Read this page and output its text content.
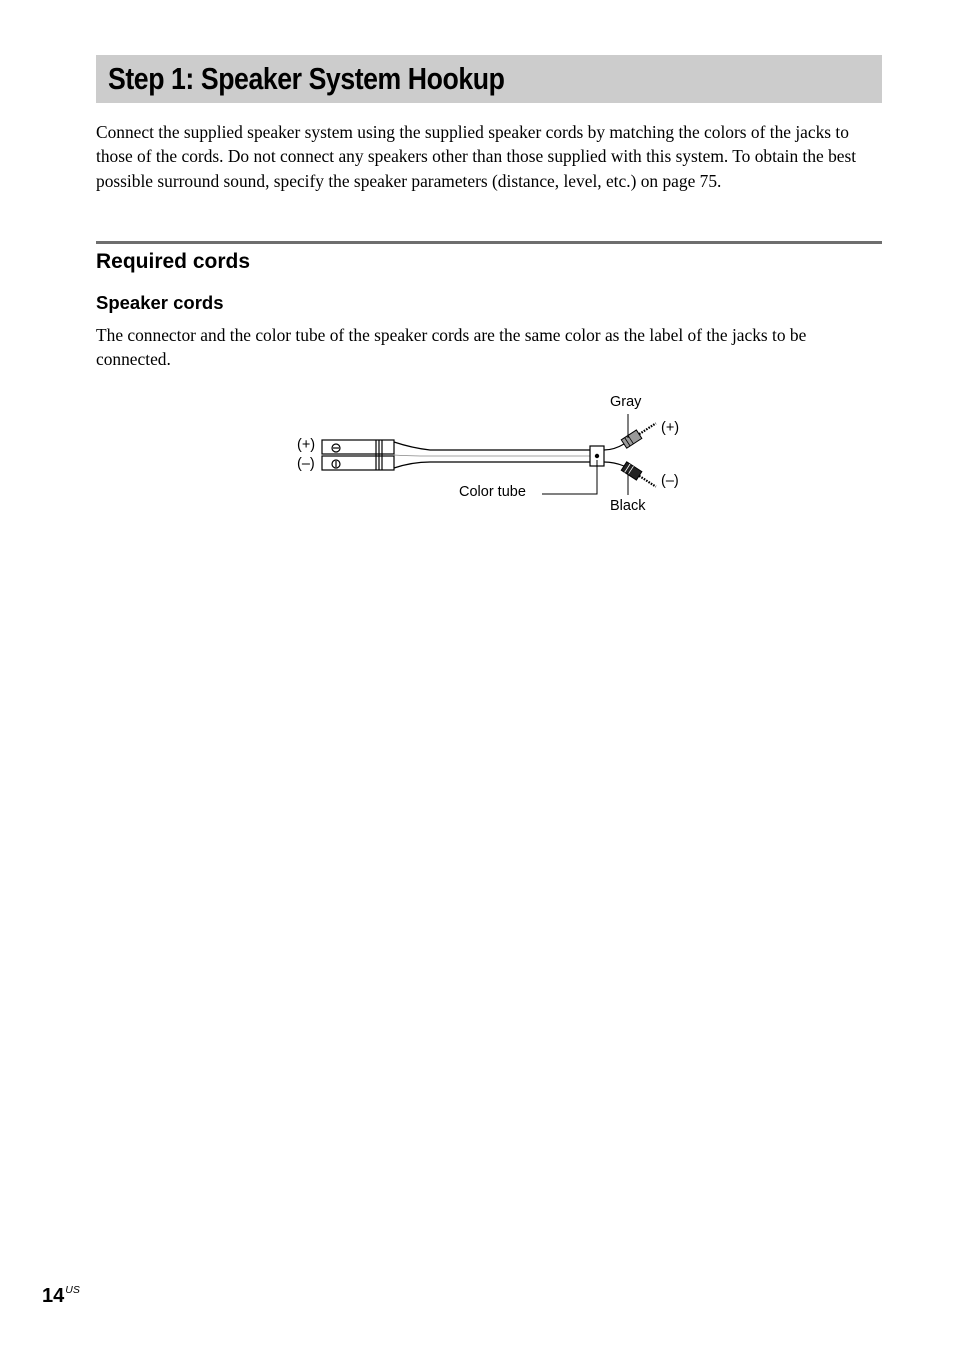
Step 1: Speaker System Hookup

Connect the supplied speaker system using the supplied speaker cords by matching the colors of the jacks to those of the cords. Do not connect any speakers other than those supplied with this system. To obtain the best possible surround sound, specify the speaker parameters (distance, level, etc.) on page 75.

Required cords
Speaker cords

The connector and the color tube of the speaker cords are the same color as the label of the jacks to be connected.

(+)
(–)
Color tube
Gray
Black
(+)
(–)
$14^{US}$
